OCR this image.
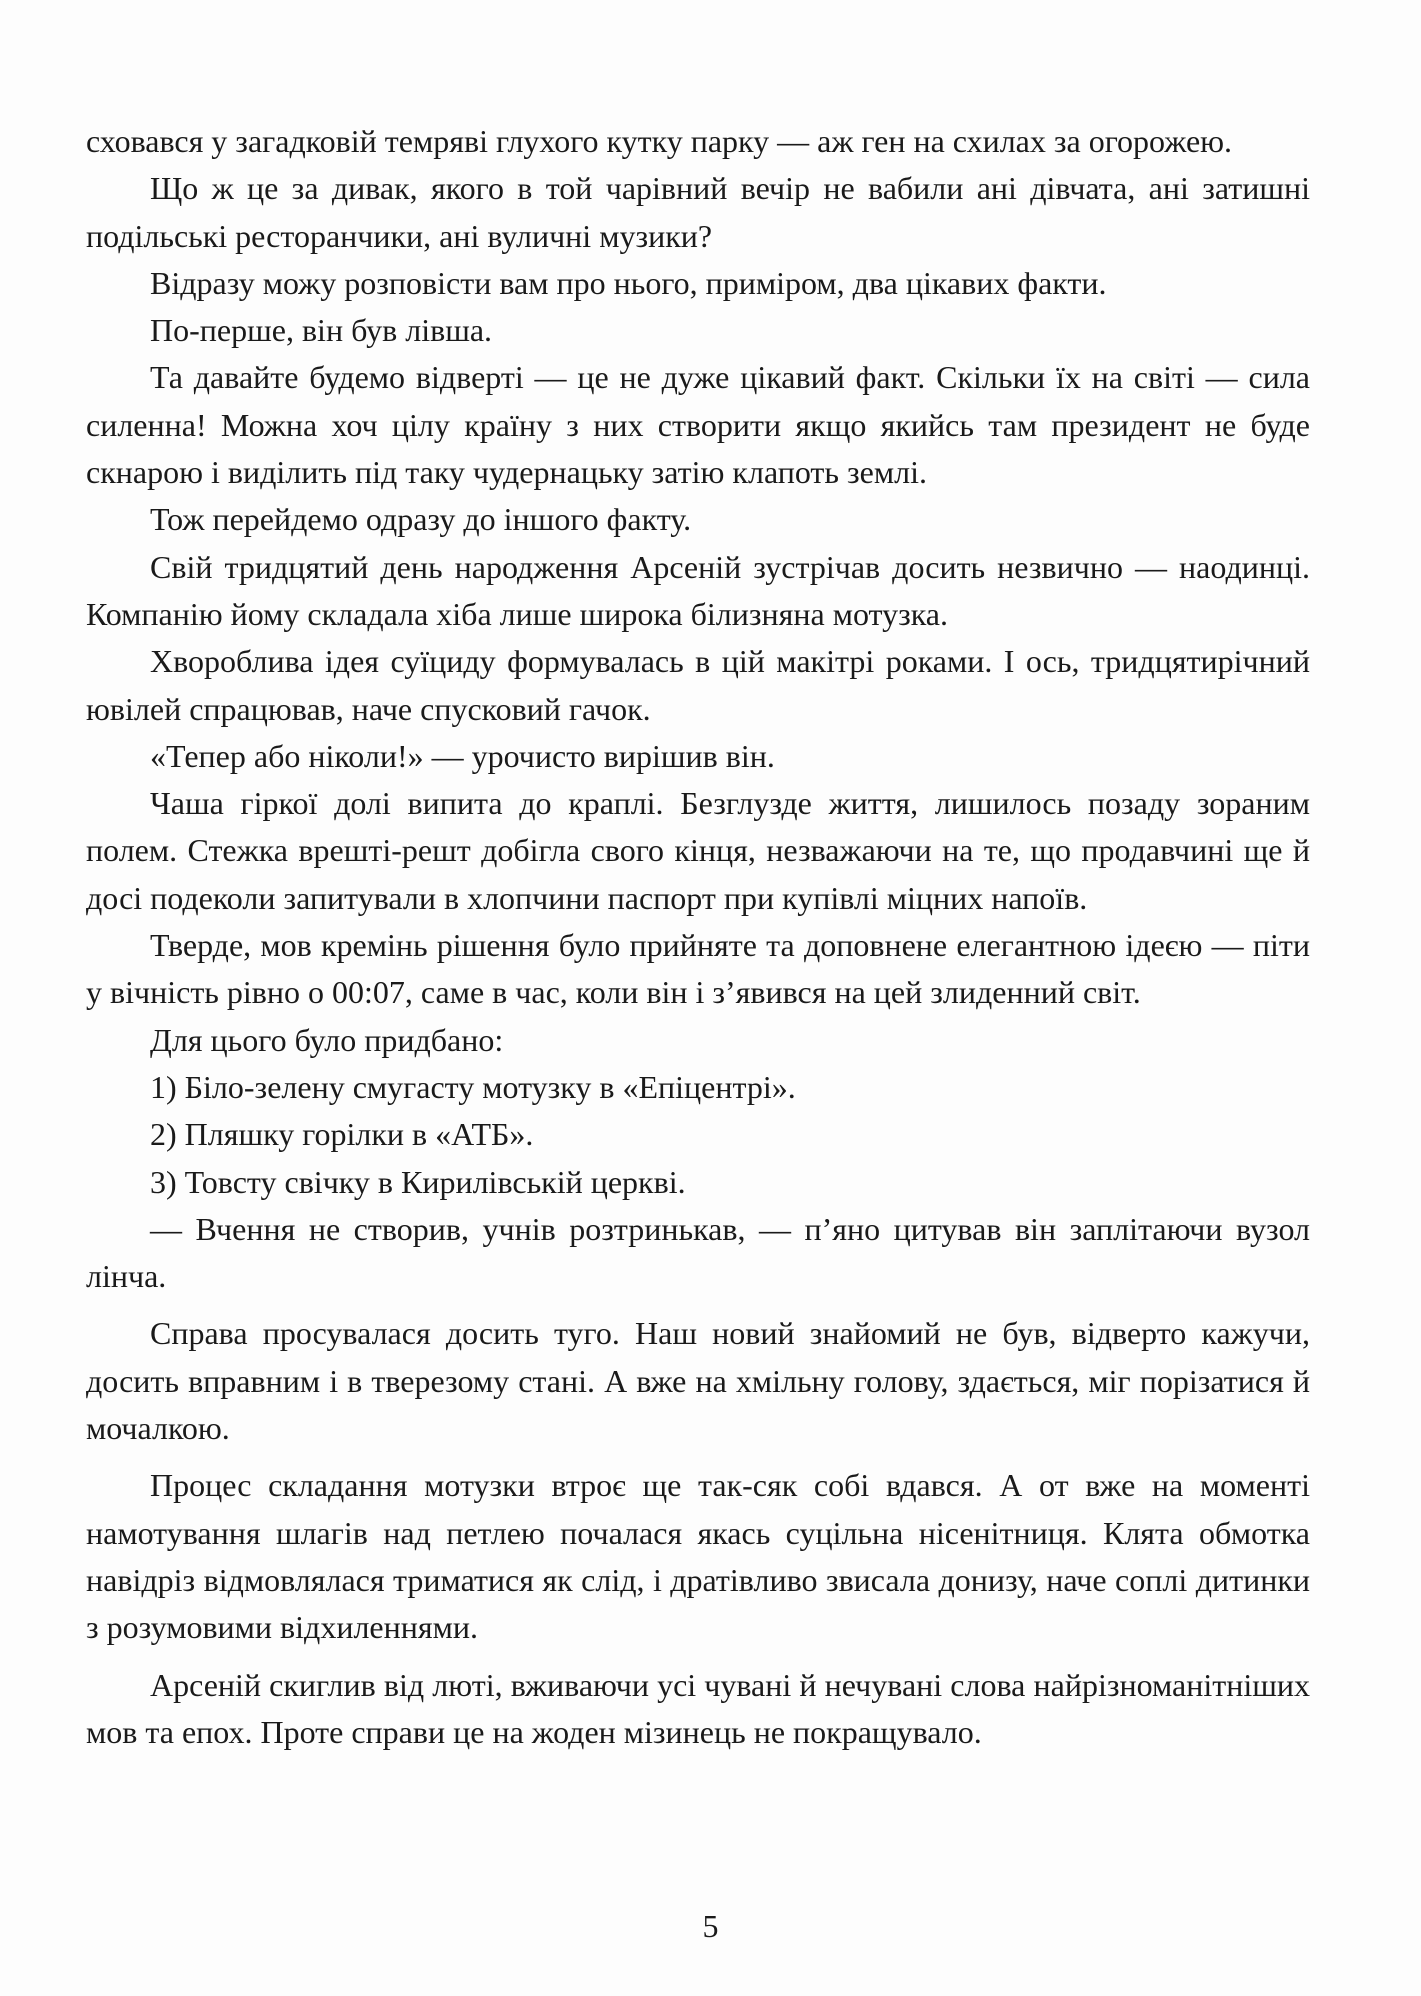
сховався у загадковій темряві глухого кутку парку — аж ген на схилах за огорожею.

Що ж це за дивак, якого в той чарівний вечір не вабили ані дівчата, ані затишні подільські ресторанчики, ані вуличні музики?

Відразу можу розповісти вам про нього, приміром, два цікавих факти.

По-перше, він був лівша.

Та давайте будемо відверті — це не дуже цікавий факт. Скільки їх на світі — сила силенна! Можна хоч цілу країну з них створити якщо якийсь там президент не буде скнарою і виділить під таку чудернацьку затію клапоть землі.

Тож перейдемо одразу до іншого факту.

Свій тридцятий день народження Арсеній зустрічав досить незвично — наодинці. Компанію йому складала хіба лише широка білизняна мотузка.

Хвороблива ідея суїциду формувалась в цій макітрі роками. І ось, тридцятирічний ювілей спрацював, наче спусковий гачок.

«Тепер або ніколи!» — урочисто вирішив він.

Чаша гіркої долі випита до краплі. Безглузде життя, лишилось позаду зораним полем. Стежка врешті-решт добігла свого кінця, незважаючи на те, що продавчині ще й досі подеколи запитували в хлопчини паспорт при купівлі міцних напоїв.

Тверде, мов кремінь рішення було прийняте та доповнене елегантною ідеєю — піти у вічність рівно о 00:07, саме в час, коли він і з’явився на цей злиденний світ.

Для цього було придбано:

1) Біло-зелену смугасту мотузку в «Епіцентрі».

2) Пляшку горілки в «АТБ».

3) Товсту свічку в Кирилівській церкві.

— Вчення не створив, учнів розтринькав, — п’яно цитував він заплітаючи вузол лінча.

Справа просувалася досить туго. Наш новий знайомий не був, відверто кажучи, досить вправним і в тверезому стані. А вже на хмільну голову, здається, міг порізатися й мочалкою.

Процес складання мотузки втроє ще так-сяк собі вдався. А от вже на моменті намотування шлагів над петлею почалася якась суцільна нісенітниця. Клята обмотка навідріз відмовлялася триматися як слід, і дратівливо звисала донизу, наче соплі дитинки з розумовими відхиленнями.

Арсеній скиглив від люті, вживаючи усі чувані й нечувані слова найрізноманітніших мов та епох. Проте справи це на жоден мізинець не покращувало.

5
